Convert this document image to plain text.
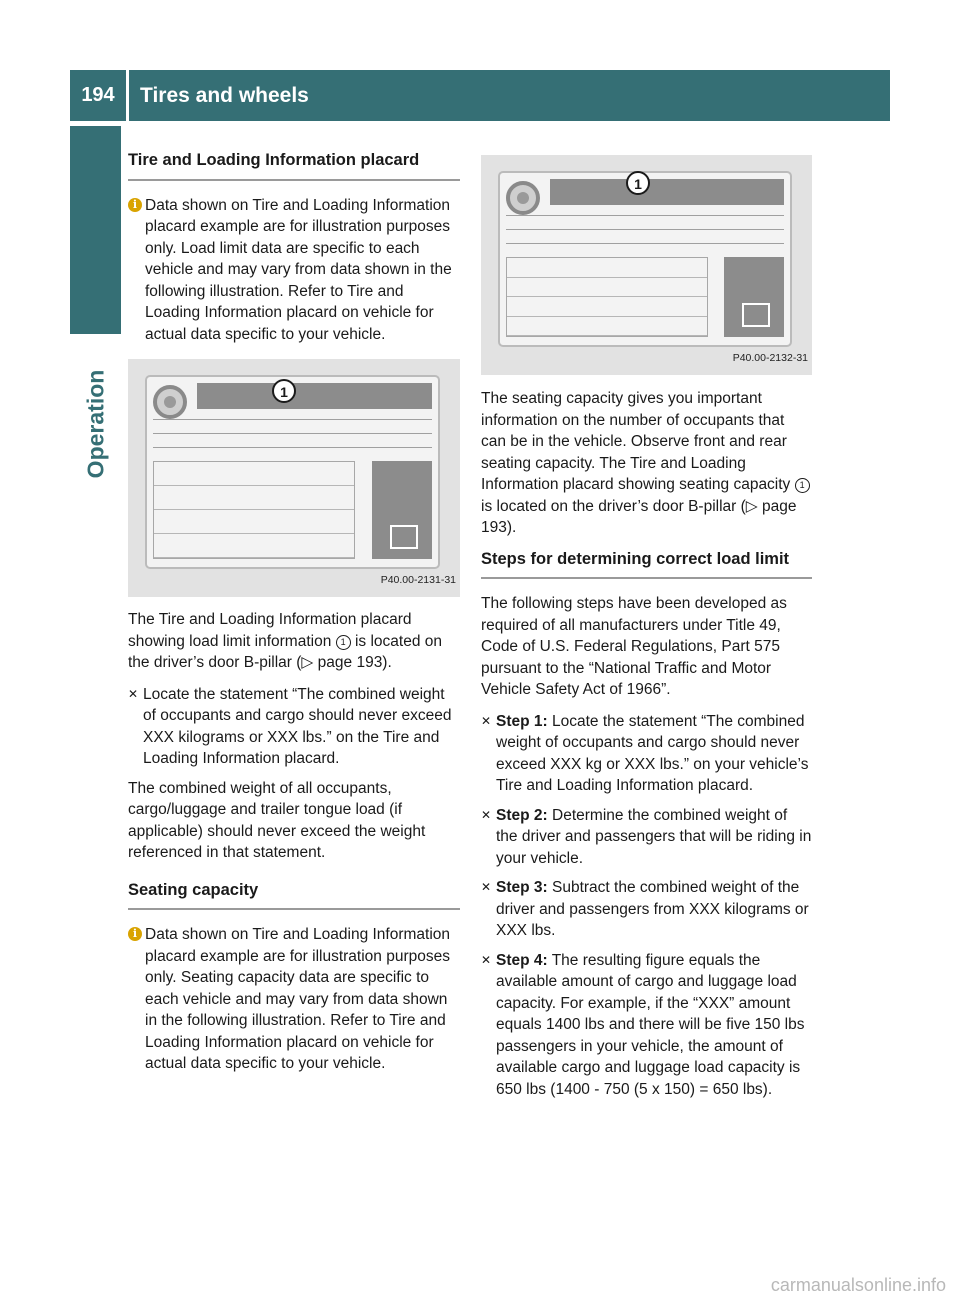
194	Tires and wheels
Operation
Tire and Loading Information placard

i Data shown on Tire and Loading Information placard example are for illustration purposes only. Load limit data are specific to each vehicle and may vary from data shown in the following illustration. Refer to Tire and Loading Information placard on vehicle for actual data specific to your vehicle.

1
P40.00-2131-31

The Tire and Loading Information placard showing load limit information 1 is located on the driver’s door B-pillar (▷ page 193).

✕ Locate the statement “The combined weight of occupants and cargo should never exceed XXX kilograms or XXX lbs.” on the Tire and Loading Information placard.

The combined weight of all occupants, cargo/luggage and trailer tongue load (if applicable) should never exceed the weight referenced in that statement.

Seating capacity

i Data shown on Tire and Loading Information placard example are for illustration purposes only. Seating capacity data are specific to each vehicle and may vary from data shown in the following illustration. Refer to Tire and Loading Information placard on vehicle for actual data specific to your vehicle.

1
P40.00-2132-31

The seating capacity gives you important information on the number of occupants that can be in the vehicle. Observe front and rear seating capacity. The Tire and Loading Information placard showing seating capacity 1 is located on the driver’s door B-pillar (▷ page 193).

Steps for determining correct load limit

The following steps have been developed as required of all manufacturers under Title 49, Code of U.S. Federal Regulations, Part 575 pursuant to the “National Traffic and Motor Vehicle Safety Act of 1966”.

✕ Step 1: Locate the statement “The combined weight of occupants and cargo should never exceed XXX kg or XXX lbs.” on your vehicle’s Tire and Loading Information placard.

✕ Step 2: Determine the combined weight of the driver and passengers that will be riding in your vehicle.

✕ Step 3: Subtract the combined weight of the driver and passengers from XXX kilograms or XXX lbs.

✕ Step 4: The resulting figure equals the available amount of cargo and luggage load capacity. For example, if the “XXX” amount equals 1400 lbs and there will be five 150 lbs passengers in your vehicle, the amount of available cargo and luggage load capacity is 650 lbs (1400 - 750 (5 x 150) = 650 lbs).

carmanualsonline.info
